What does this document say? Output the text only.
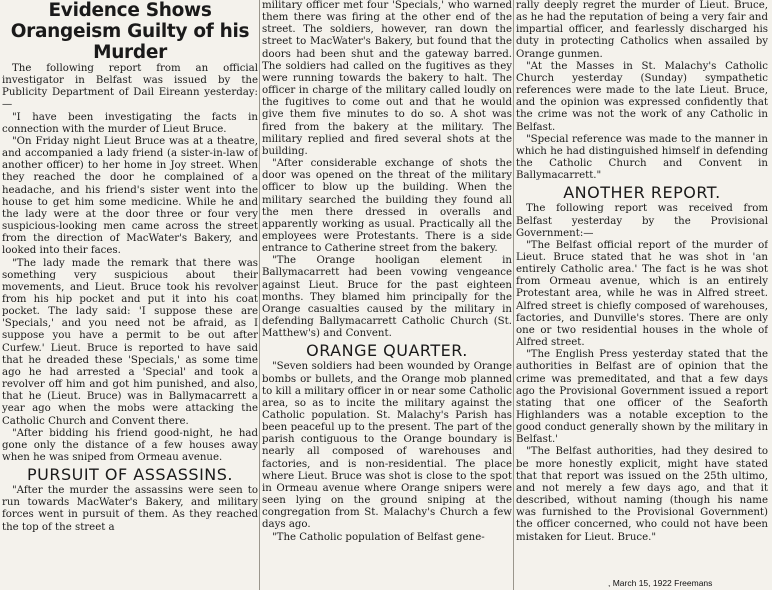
Evidence Shows Orangeism Guilty of his Murder

The following report from an official investigator in Belfast was issued by the Publicity Department of Dail Eireann yesterday:—

"I have been investigating the facts in connection with the murder of Lieut Bruce.

"On Friday night Lieut Bruce was at a theatre, and accompanied a lady friend (a sister-in-law of another officer) to her home in Joy street. When they reached the door he complained of a headache, and his friend's sister went into the house to get him some medicine. While he and the lady were at the door three or four very suspicious-looking men came across the street from the direction of MacWater's Bakery, and looked into their faces.

"The lady made the remark that there was something very suspicious about their movements, and Lieut. Bruce took his revolver from his hip pocket and put it into his coat pocket. The lady said: 'I suppose these are 'Specials,' and you need not be afraid, as I suppose you have a permit to be out after Curfew.' Lieut. Bruce is reported to have said that he dreaded these 'Specials,' as some time ago he had arrested a 'Special' and took a revolver off him and got him punished, and also, that he (Lieut. Bruce) was in Ballymacarrett a year ago when the mobs were attacking the Catholic Church and Convent there.

"After bidding his friend good-night, he had gone only the distance of a few houses away when he was sniped from Ormeau avenue.

PURSUIT OF ASSASSINS.

"After the murder the assassins were seen to run towards MacWater's Bakery, and military forces went in pursuit of them. As they reached the top of the street a

military officer met four 'Specials,' who warned them there was firing at the other end of the street. The soldiers, however, ran down the street to MacWater's Bakery, but found that the doors had been shut and the gateway barred. The soldiers had called on the fugitives as they were running towards the bakery to halt. The officer in charge of the military called loudly on the fugitives to come out and that he would give them five minutes to do so. A shot was fired from the bakery at the military. The military replied and fired several shots at the building.

"After considerable exchange of shots the door was opened on the threat of the military officer to blow up the building. When the military searched the building they found all the men there dressed in overalls and apparently working as usual. Practically all the employees were Protestants. There is a side entrance to Catherine street from the bakery.

"The Orange hooligan element in Ballymacarrett had been vowing vengeance against Lieut. Bruce for the past eighteen months. They blamed him principally for the Orange casualties caused by the military in defending Ballymacarrett Catholic Church (St. Matthew's) and Convent.

ORANGE QUARTER.

"Seven soldiers had been wounded by Orange bombs or bullets, and the Orange mob planned to kill a military officer in or near some Catholic area, so as to incite the military against the Catholic population. St. Malachy's Parish has been peaceful up to the present. The part of the parish contiguous to the Orange boundary is nearly all composed of warehouses and factories, and is non-residential. The place where Lieut. Bruce was shot is close to the spot in Ormeau avenue where Orange snipers were seen lying on the ground sniping at the congregation from St. Malachy's Church a few days ago.

"The Catholic population of Belfast gene-

rally deeply regret the murder of Lieut. Bruce, as he had the reputation of being a very fair and impartial officer, and fearlessly discharged his duty in protecting Catholics when assailed by Orange gunmen.

"At the Masses in St. Malachy's Catholic Church yesterday (Sunday) sympathetic references were made to the late Lieut. Bruce, and the opinion was expressed confidently that the crime was not the work of any Catholic in Belfast.

"Special reference was made to the manner in which he had distinguished himself in defending the Catholic Church and Convent in Ballymacarrett."

ANOTHER REPORT.

The following report was received from Belfast yesterday by the Provisional Government:—

"The Belfast official report of the murder of Lieut. Bruce stated that he was shot in 'an entirely Catholic area.' The fact is he was shot from Ormeau avenue, which is an entirely Protestant area, while he was in Alfred street. Alfred street is chiefly composed of warehouses, factories, and Dunville's stores. There are only one or two residential houses in the whole of Alfred street.

"The English Press yesterday stated that the authorities in Belfast are of opinion that the crime was premeditated, and that a few days ago the Provisional Government issued a report stating that one officer of the Seaforth Highlanders was a notable exception to the good conduct generally shown by the military in Belfast.'

"The Belfast authorities, had they desired to be more honestly explicit, might have stated that that report was issued on the 25th ultimo, and not merely a few days ago, and that it described, without naming (though his name was furnished to the Provisional Government) the officer concerned, who could not have been mistaken for Lieut. Bruce."

, March 15, 1922 Freemans
